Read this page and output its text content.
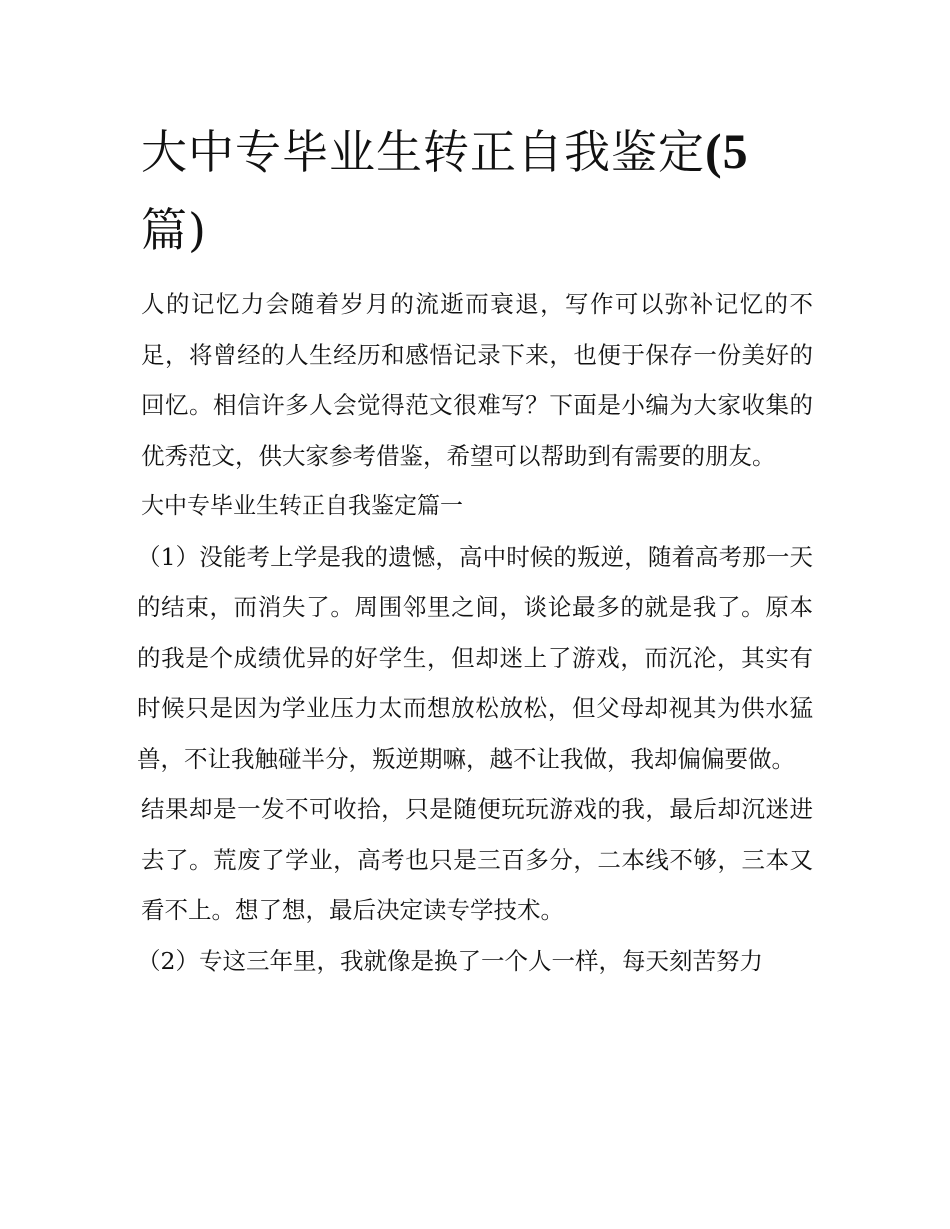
大中专毕业生转正自我鉴定(5
篇)

人的记忆力会随着岁月的流逝而衰退，写作可以弥补记忆的不足，将曾经的人生经历和感悟记录下来，也便于保存一份美好的回忆。相信许多人会觉得范文很难写？下面是小编为大家收集的优秀范文，供大家参考借鉴，希望可以帮助到有需要的朋友。

大中专毕业生转正自我鉴定篇一

（1）没能考上学是我的遗憾，高中时候的叛逆，随着高考那一天的结束，而消失了。周围邻里之间，谈论最多的就是我了。原本的我是个成绩优异的好学生，但却迷上了游戏，而沉沦，其实有时候只是因为学业压力太而想放松放松，但父母却视其为供水猛兽，不让我触碰半分，叛逆期嘛，越不让我做，我却偏偏要做。

结果却是一发不可收拾，只是随便玩玩游戏的我，最后却沉迷进去了。荒废了学业，高考也只是三百多分，二本线不够，三本又看不上。想了想，最后决定读专学技术。

（2）专这三年里，我就像是换了一个人一样，每天刻苦努力
